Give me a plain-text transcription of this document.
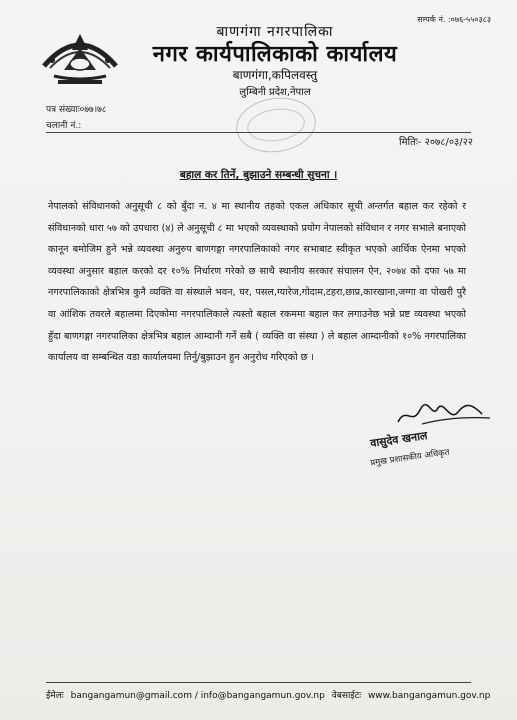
सम्पर्क नं. :०७६-५५०३८३
बाणगंगा नगरपालिका
नगर कार्यपालिकाको कार्यालय
बाणगंगा,कपिलवस्तु
लुम्बिनी प्रदेश,नेपाल
पत्र संख्याः०७७।७८
चलानी नं.:
मितिः- २०७८/०३/२२
बहाल कर तिर्ने, बुझाउने सम्बन्धी सुचना ।
नेपालको संविधानको अनुसूची ८ को बुँदा न. ४ मा स्थानीय तहको एकल अधिकार सूची अन्तर्गत बहाल कर रहेको र संविधानको धारा ५७ को उपधारा (४) ले अनुसूची ८ मा भएको व्यवस्थाको प्रयोग नेपालको संविधान र नगर सभाले बनाएको कानून बमोजिम हुने भन्ने व्यवस्था अनुरुप बाणगङ्गा नगरपालिकाको नगर सभाबाट स्वीकृत भएको आर्थिक ऐनमा भएको व्यवस्था अनुसार बहाल करको दर १०% निर्धारण गरेको छ साथै स्थानीय सरकार संचालन ऐन, २०७४ को दफा ५७ मा नगरपालिकाको क्षेत्रभित्र कुनै व्यक्ति वा संस्थाले भवन, घर, पसल,ग्यारेज,गोदाम,टहरा,छाप्र,कारखाना,जग्गा वा पोखरी पुरै वा आंशिक तवरले बहालमा दिएकोमा नगरपालिकाले त्यस्तो बहाल रकममा बहाल कर लगाउनेछ भन्ने प्रष्ट व्यवस्था भएको हुँदा बाणगङ्गा नगरपालिका क्षेत्रभित्र बहाल आम्दानी गर्ने सबै ( व्यक्ति वा संस्था ) ले बहाल आम्दानीको १०% नगरपालिका कार्यालय वा सम्बन्धित वडा कार्यालयमा तिर्नु/बुझाउन हुन अनुरोध गरिएको छ ।
वासुदेव खनाल
प्रमुख प्रशासकीय अधिकृत
ईमेलः bangangamun@gmail.com / info@bangangamun.gov.np वेबसाईटः www.bangangamun.gov.np
